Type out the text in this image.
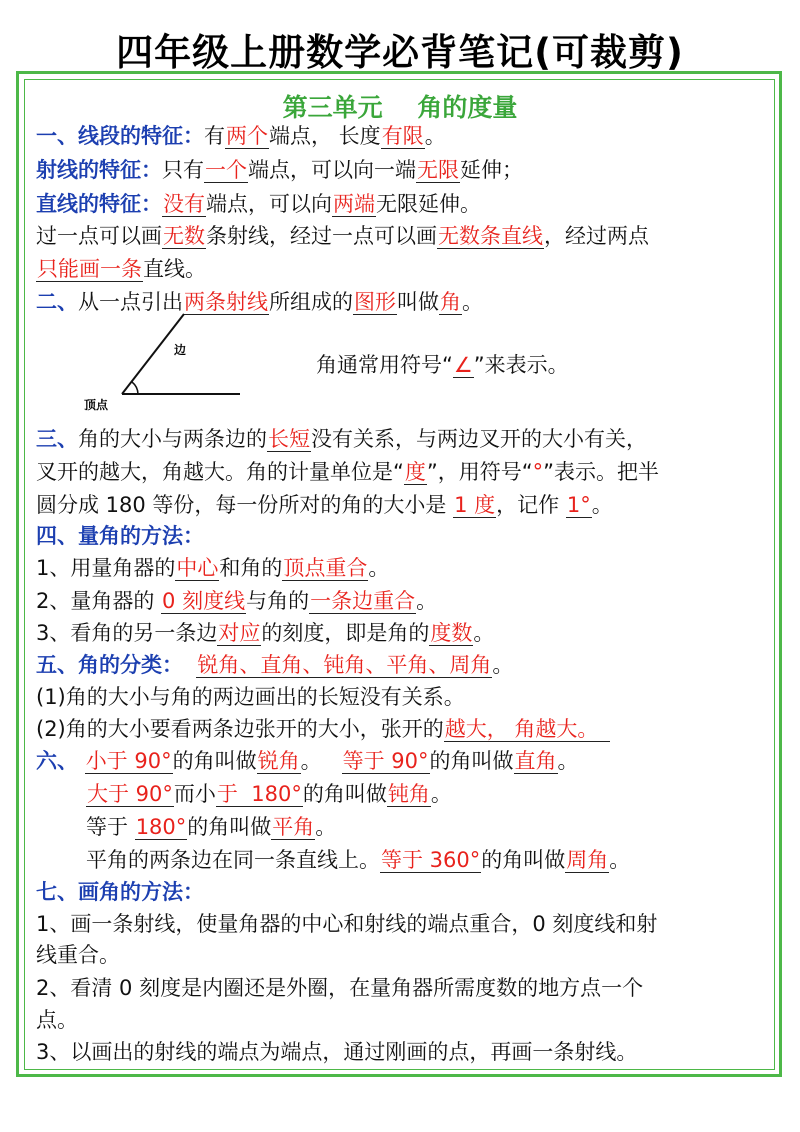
四年级上册数学必背笔记(可裁剪)
第三单元    角的度量
一、线段的特征：有两个端点， 长度有限。
射线的特征：只有一个端点，可以向一端无限延伸；
直线的特征：没有端点，可以向两端无限延伸。
过一点可以画无数条射线，经过一点可以画无数条直线，经过两点
只能画一条直线。
二、从一点引出两条射线所组成的图形叫做角。
边
顶点
角通常用符号“∠”来表示。
三、角的大小与两条边的长短没有关系，与两边叉开的大小有关，
叉开的越大，角越大。角的计量单位是“度”，用符号“°”表示。把半
圆分成 180 等份，每一份所对的角的大小是 1 度，记作 1°。
四、量角的方法：
1、用量角器的中心和角的顶点重合。
2、量角器的 0 刻度线与角的一条边重合。
3、看角的另一条边对应的刻度，即是角的度数。
五、角的分类： 锐角、直角、钝角、平角、周角。
(1)角的大小与角的两边画出的长短没有关系。
(2)角的大小要看两条边张开的大小，张开的越大， 角越大。
六、 小于 90°的角叫做锐角。   等于 90°的角叫做直角。
大于 90°而小于  180°的角叫做钝角。
等于 180°的角叫做平角。
平角的两条边在同一条直线上。等于 360°的角叫做周角。
七、画角的方法：
1、画一条射线，使量角器的中心和射线的端点重合，0 刻度线和射
线重合。
2、看清 0 刻度是内圈还是外圈，在量角器所需度数的地方点一个
点。
3、以画出的射线的端点为端点，通过刚画的点，再画一条射线。
